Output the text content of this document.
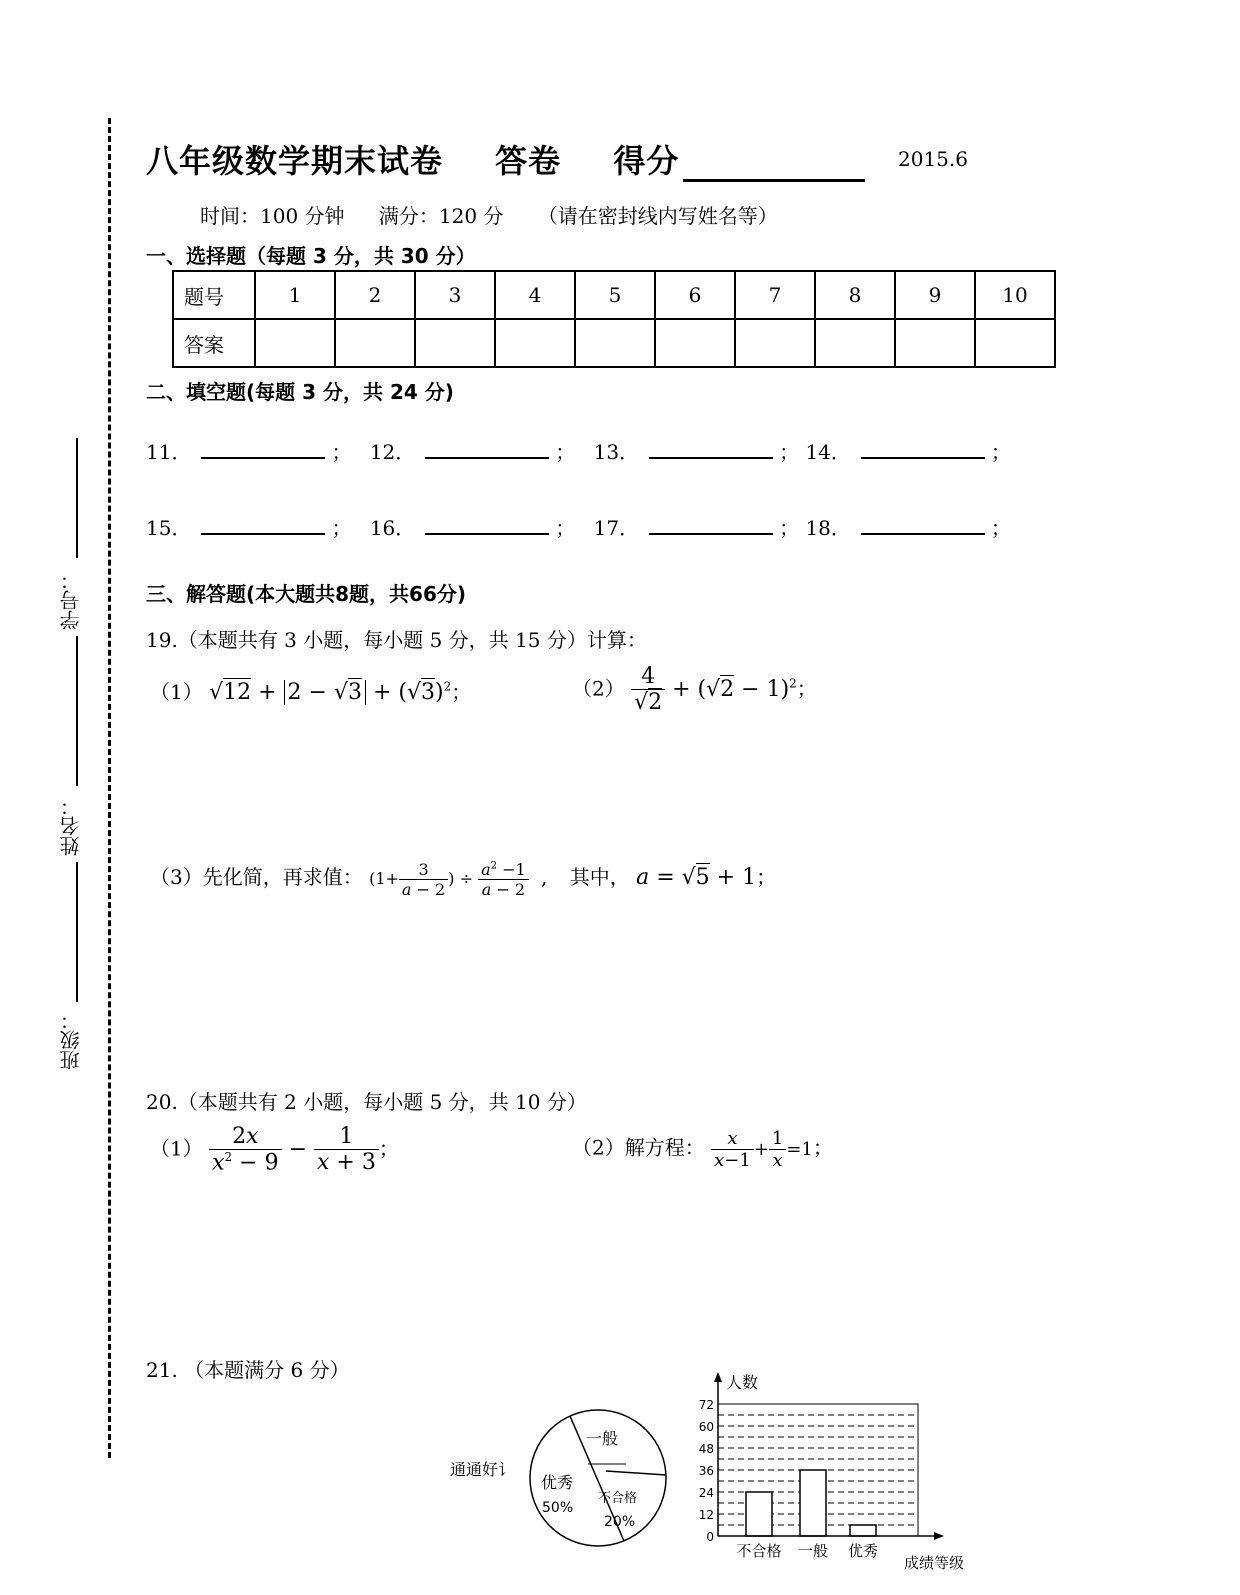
学号：
姓名：
班级：
八年级数学期末试卷 答卷 得分	2015.6
时间：100 分钟 满分：120 分 （请在密封线内写姓名等）
一、选择题（每题 3 分，共 30 分）
题号	1	2	3	4	5	6	7	8	9	10
答案										
二、填空题(每题 3 分，共 24 分)
11．	； 12．	； 13．	； 14．	；
15．	； 16．	； 17．	； 18．	；
三、解答题(本大题共8题，共66分)
19.（本题共有 3 小题，每小题 5 分，共 15 分）计算：
（1） $√12 + 2 - √3 + (√3)^2$；	$(2) \frac{4}{√2} + (√2 - 1)^2$；
（3）先化简，再求值： ($1+ \frac{3}{a - 2}$ ) ÷ $\frac{a^2 -1}{a - 2}$ , 其中， a = √5 + 1；
20.（本题共有 2 小题，每小题 5 分，共 10 分）
$(1) \frac{2x}{x^2 - 9} - \frac{1}{x + 3}$ ；	（2）解方程： $\frac{x}{x-1} + \frac{1}{x} =1$；
21. （本题满分 6 分）
通通好讠
一般
优秀
50%
不合格
20%
人数
成绩等级
72
60
48
36
24
12
0
不合格 一般 优秀
